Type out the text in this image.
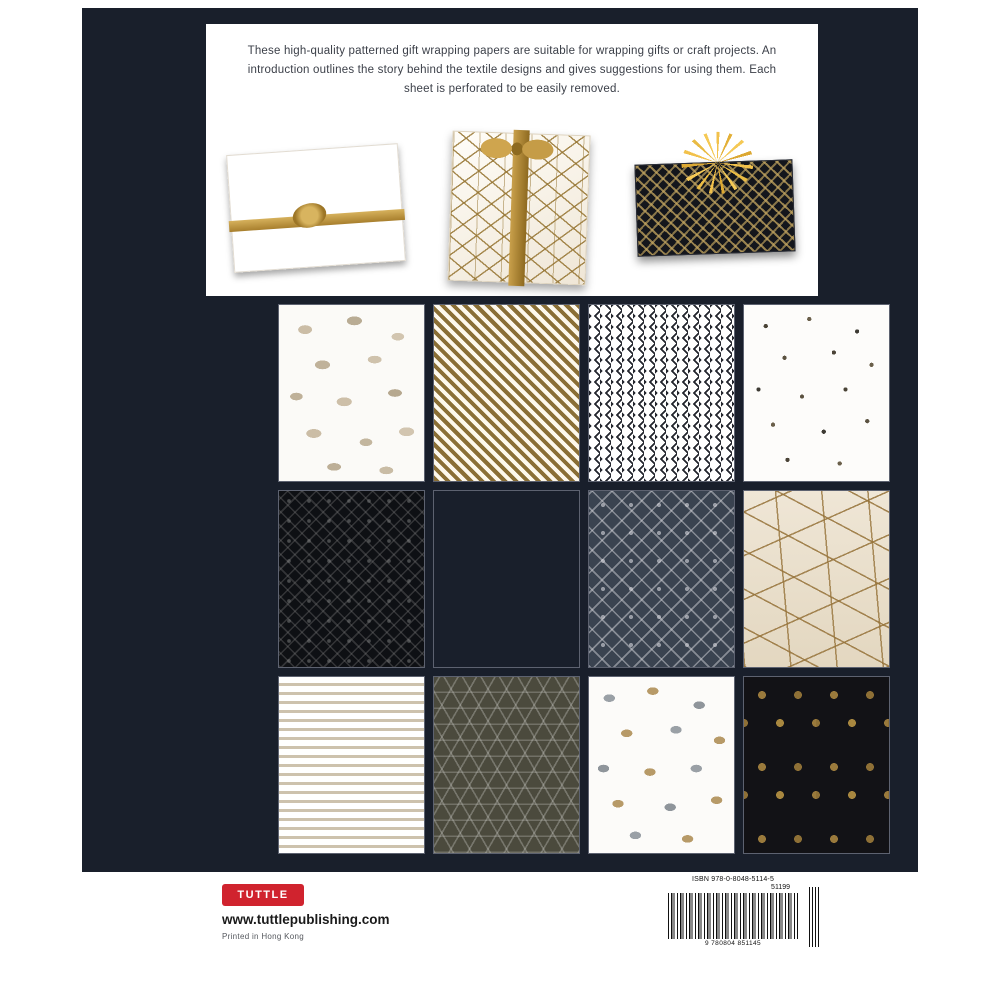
These high-quality patterned gift wrapping papers are suitable for wrapping gifts or craft projects. An introduction outlines the story behind the textile designs and gives suggestions for using them. Each sheet is perforated to be easily removed.

TUTTLE
www.tuttlepublishing.com
Printed in Hong Kong
ISBN 978-0-8048-5114-5
51199
9 780804 851145
